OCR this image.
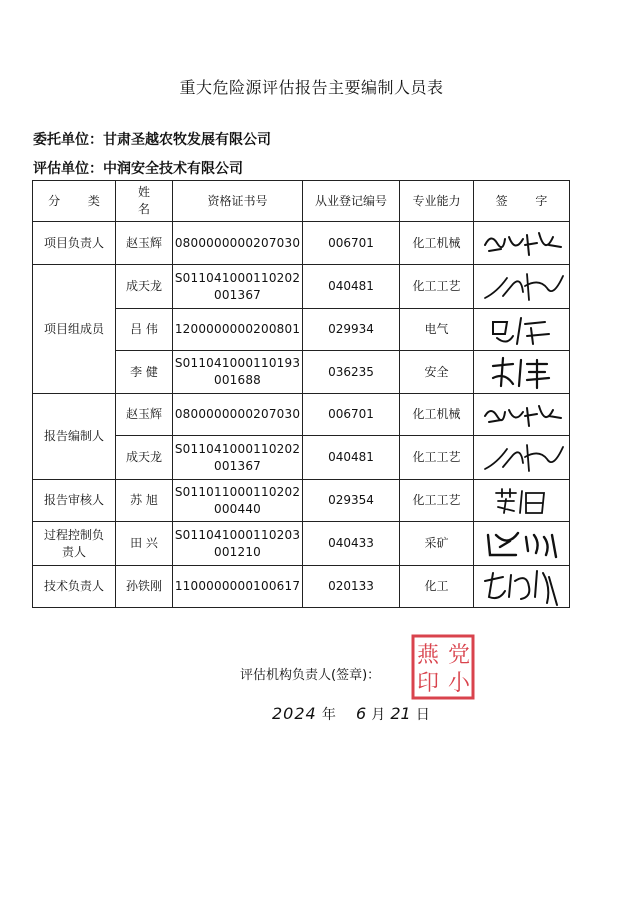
重大危险源评估报告主要编制人员表
委托单位：甘肃圣越农牧发展有限公司
评估单位：中润安全技术有限公司
分 类	姓 名	资格证书号	从业登记编号	专业能力	签 字
项目负责人	赵玉辉	0800000000207030	006701	化工机械	

项目组成员	成天龙	S011041000110202
001367	040481	化工工艺	

	吕 伟	1200000000200801	029934	电气	

	李 健	S011041000110193
001688	036235	安全	

报告编制人	赵玉辉	0800000000207030	006701	化工机械	

	成天龙	S011041000110202
001367	040481	化工工艺	

报告审核人	苏 旭	S011011000110202
000440	029354	化工工艺	

过程控制负
责人	田 兴	S011041000110203
001210	040433	采矿	

技术负责人	孙铁刚	1100000000100617	020133	化工	
评估机构负责人(签章)：
党
小
燕
印
2024 年 6 月 21 日
